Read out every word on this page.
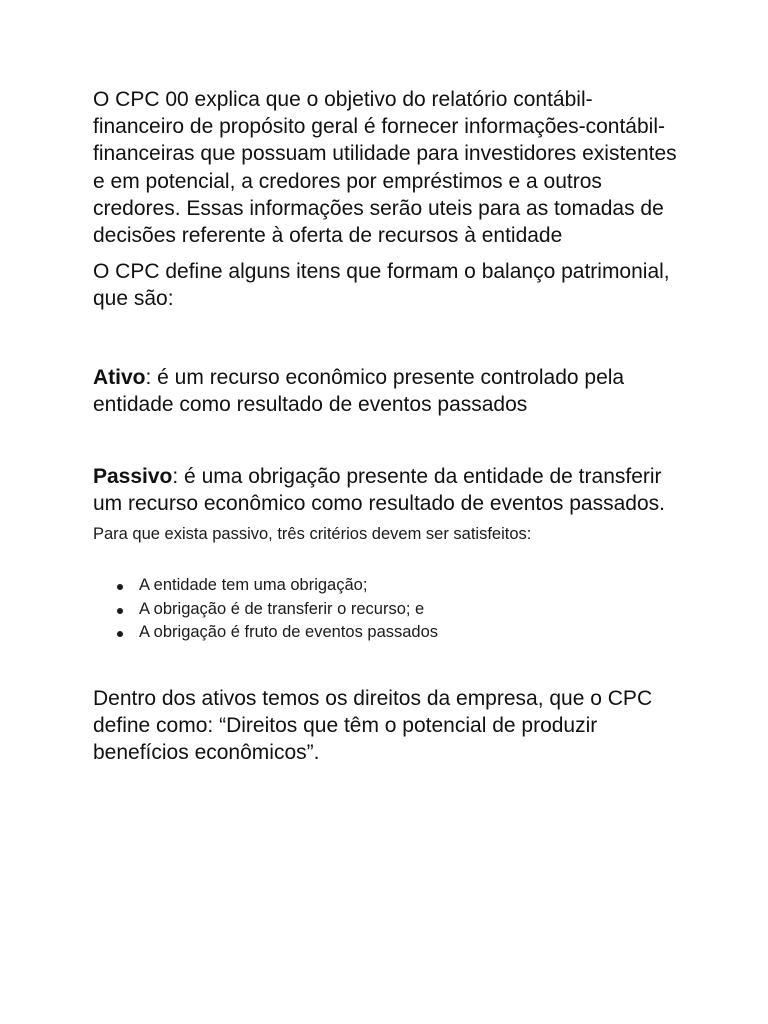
O CPC 00 explica que o objetivo do relatório contábil-financeiro de propósito geral é fornecer informações-contábil-financeiras que possuam utilidade para investidores existentes e em potencial, a credores por empréstimos e a outros credores. Essas informações serão uteis para as tomadas de decisões referente à oferta de recursos à entidade

O CPC define alguns itens que formam o balanço patrimonial, que são:

Ativo: é um recurso econômico presente controlado pela entidade como resultado de eventos passados

Passivo: é uma obrigação presente da entidade de transferir um recurso econômico como resultado de eventos passados.

Para que exista passivo, três critérios devem ser satisfeitos:

A entidade tem uma obrigação;
A obrigação é de transferir o recurso; e
A obrigação é fruto de eventos passados

Dentro dos ativos temos os direitos da empresa, que o CPC define como: “Direitos que têm o potencial de produzir benefícios econômicos”.
